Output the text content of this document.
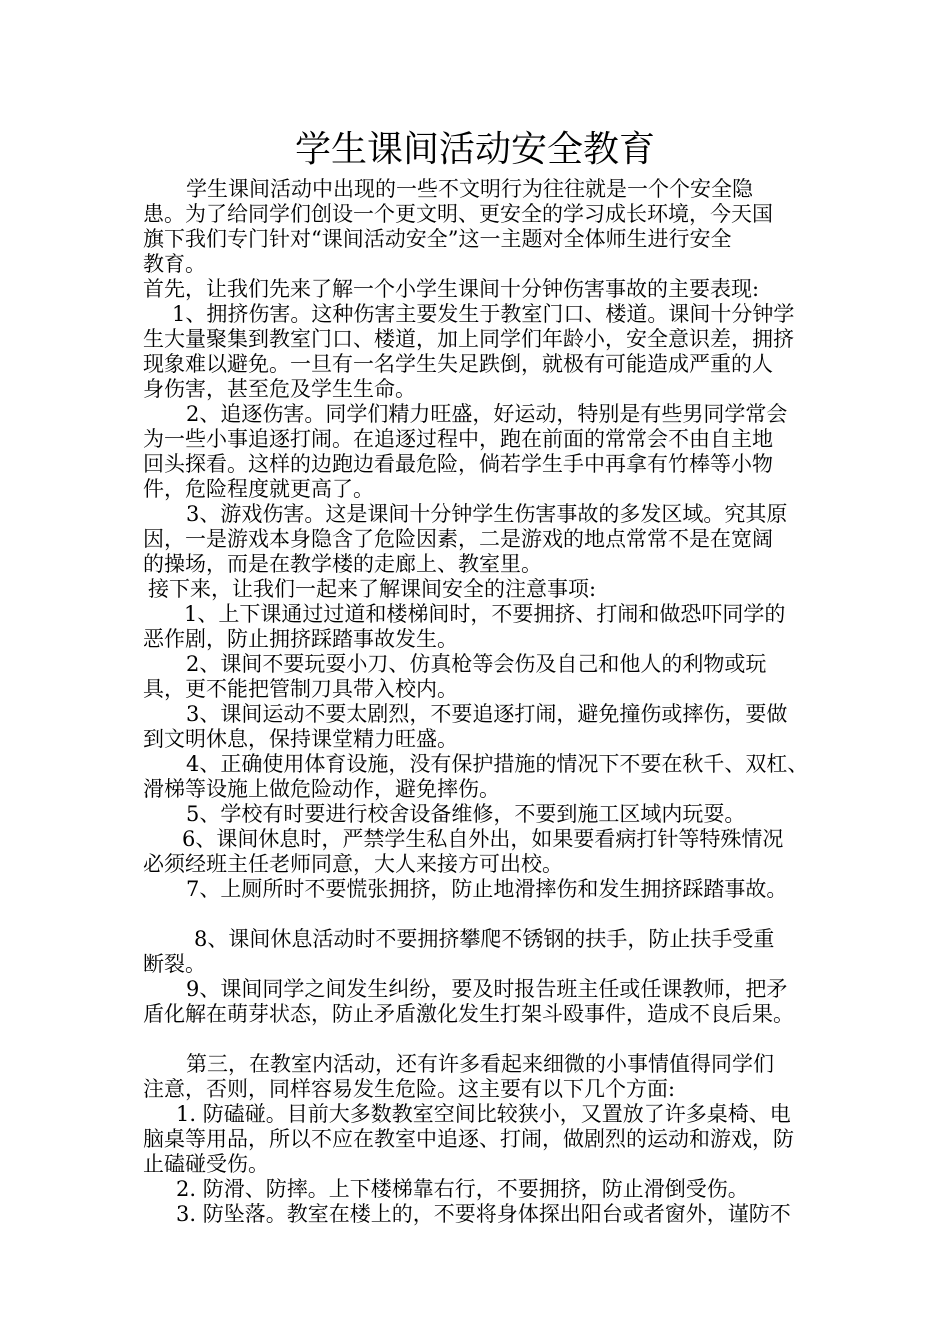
学生课间活动安全教育
学生课间活动中出现的一些不文明行为往往就是一个个安全隐
患。为了给同学们创设一个更文明、更安全的学习成长环境，今天国
旗下我们专门针对“课间活动安全”这一主题对全体师生进行安全
教育。
首先，让我们先来了解一个小学生课间十分钟伤害事故的主要表现:
1、拥挤伤害。这种伤害主要发生于教室门口、楼道。课间十分钟学
生大量聚集到教室门口、楼道，加上同学们年龄小，安全意识差，拥挤
现象难以避免。一旦有一名学生失足跌倒，就极有可能造成严重的人
身伤害，甚至危及学生生命。
2、追逐伤害。同学们精力旺盛，好运动，特别是有些男同学常会
为一些小事追逐打闹。在追逐过程中，跑在前面的常常会不由自主地
回头探看。这样的边跑边看最危险，倘若学生手中再拿有竹棒等小物
件，危险程度就更高了。
3、游戏伤害。这是课间十分钟学生伤害事故的多发区域。究其原
因，一是游戏本身隐含了危险因素，二是游戏的地点常常不是在宽阔
的操场，而是在教学楼的走廊上、教室里。
接下来，让我们一起来了解课间安全的注意事项:
1、上下课通过过道和楼梯间时，不要拥挤、打闹和做恐吓同学的
恶作剧，防止拥挤踩踏事故发生。
2、课间不要玩耍小刀、仿真枪等会伤及自己和他人的利物或玩
具，更不能把管制刀具带入校内。
3、课间运动不要太剧烈，不要追逐打闹，避免撞伤或摔伤，要做
到文明休息，保持课堂精力旺盛。
4、正确使用体育设施，没有保护措施的情况下不要在秋千、双杠、
滑梯等设施上做危险动作，避免摔伤。
5、学校有时要进行校舍设备维修，不要到施工区域内玩耍。
6、课间休息时，严禁学生私自外出，如果要看病打针等特殊情况
必须经班主任老师同意，大人来接方可出校。
7、上厕所时不要慌张拥挤，防止地滑摔伤和发生拥挤踩踏事故。
8、课间休息活动时不要拥挤攀爬不锈钢的扶手，防止扶手受重
断裂。
9、课间同学之间发生纠纷，要及时报告班主任或任课教师，把矛
盾化解在萌芽状态，防止矛盾激化发生打架斗殴事件，造成不良后果。
第三，在教室内活动，还有许多看起来细微的小事情值得同学们
注意，否则，同样容易发生危险。这主要有以下几个方面:
1. 防磕碰。目前大多数教室空间比较狭小，又置放了许多桌椅、电
脑桌等用品，所以不应在教室中追逐、打闹，做剧烈的运动和游戏，防
止磕碰受伤。
2. 防滑、防摔。上下楼梯靠右行，不要拥挤，防止滑倒受伤。
3. 防坠落。教室在楼上的，不要将身体探出阳台或者窗外，谨防不
